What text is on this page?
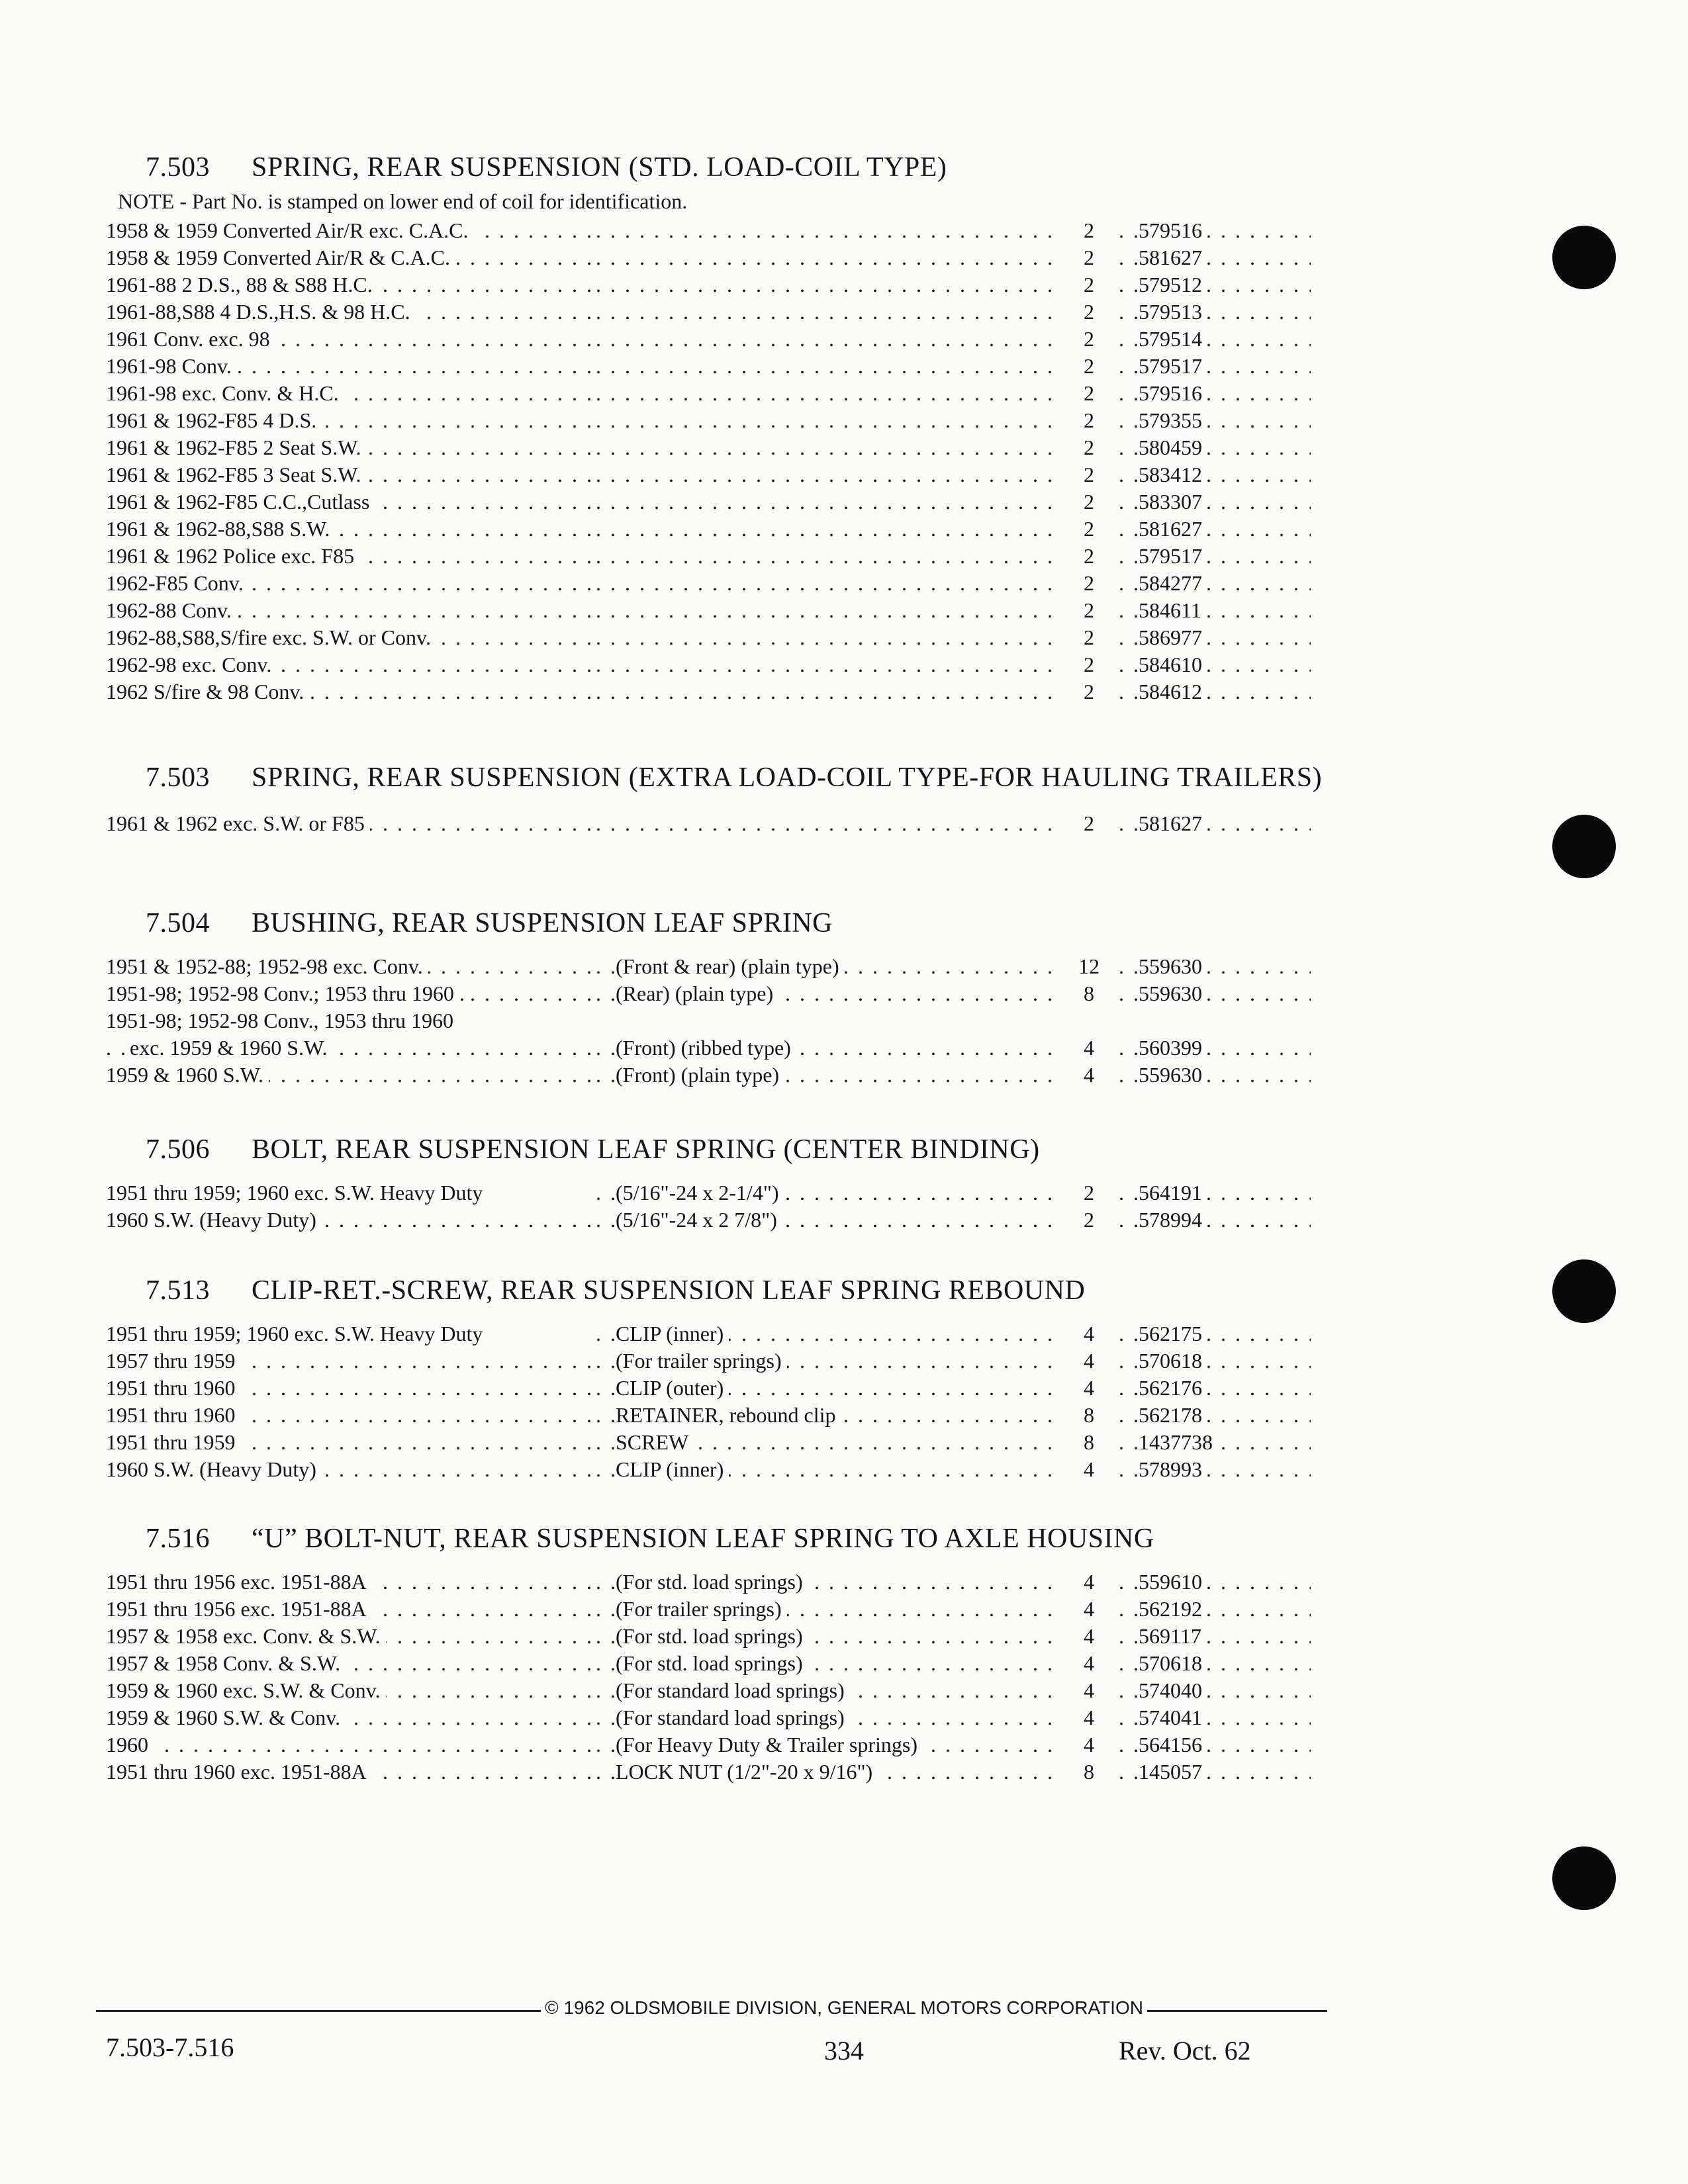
7.503	SPRING, REAR SUSPENSION (STD. LOAD-COIL TYPE)
NOTE - Part No. is stamped on lower end of coil for identification.
1958 & 1959 Converted Air/R exc. C.A.C. . . . . . .	2	579516 . . .
1958 & 1959 Converted Air/R & C.A.C. . . . . . .	2	581627 . . .
1961-88 2 D.S., 88 & S88 H.C. . . . . . .	2	579512 . . .
1961-88,S88 4 D.S.,H.S. & 98 H.C. . . . . . .	2	579513 . . .
1961 Conv. exc. 98 . . . . . .	2	579514 . . .
1961-98 Conv. . . . . . .	2	579517 . . .
1961-98 exc. Conv. & H.C. . . . . . .	2	579516 . . .
1961 & 1962-F85 4 D.S. . . . . . .	2	579355 . . .
1961 & 1962-F85 2 Seat S.W. . . . . . .	2	580459 . . .
1961 & 1962-F85 3 Seat S.W. . . . . . .	2	583412 . . .
1961 & 1962-F85 C.C.,Cutlass . . . . . .	2	583307 . . .
1961 & 1962-88,S88 S.W. . . . . . .	2	581627 . . .
1961 & 1962 Police exc. F85 . . . . . .	2	579517 . . .
1962-F85 Conv. . . . . . .	2	584277 . . .
1962-88 Conv. . . . . . .	2	584611 . . .
1962-88,S88,S/fire exc. S.W. or Conv. . . . . . .	2	586977 . . .
1962-98 exc. Conv. . . . . . .	2	584610 . . .
1962 S/fire & 98 Conv. . . . . . .	2	584612 . . .
7.503	SPRING, REAR SUSPENSION (EXTRA LOAD-COIL TYPE-FOR HAULING TRAILERS)
1961 & 1962 exc. S.W. or F85 . . . . . .	2	581627 . . .
7.504	BUSHING, REAR SUSPENSION LEAF SPRING
1951 & 1952-88; 1952-98 exc. Conv. . . .	(Front & rear) (plain type) . . .	12	559630 . . .
1951-98; 1952-98 Conv.; 1953 thru 1960 . . . .	(Rear) (plain type) . . .	8	559630 . . .
1951-98; 1952-98 Conv., 1953 thru 1960
exc. 1959 & 1960 S.W. . . .	(Front) (ribbed type) . . .	4	560399 . . .
1959 & 1960 S.W. . . .	(Front) (plain type) . . .	4	559630 . . .
7.506	BOLT, REAR SUSPENSION LEAF SPRING (CENTER BINDING)
1951 thru 1959; 1960 exc. S.W. Heavy Duty	(5/16"-24 x 2-1/4") . . .	2	564191 . . .
1960 S.W. (Heavy Duty) . . .	(5/16"-24 x 2 7/8") . . .	2	578994 . . .
7.513	CLIP-RET.-SCREW, REAR SUSPENSION LEAF SPRING REBOUND
1951 thru 1959; 1960 exc. S.W. Heavy Duty	CLIP (inner) . . .	4	562175 . . .
1957 thru 1959 . . .	(For trailer springs) . . .	4	570618 . . .
1951 thru 1960 . . .	CLIP (outer) . . .	4	562176 . . .
1951 thru 1960 . . .	RETAINER, rebound clip . . .	8	562178 . . .
1951 thru 1959 . . .	SCREW . . .	8	1437738 . . .
1960 S.W. (Heavy Duty) . . .	CLIP (inner) . . .	4	578993 . . .
7.516	“U” BOLT-NUT, REAR SUSPENSION LEAF SPRING TO AXLE HOUSING
1951 thru 1956 exc. 1951-88A . . .	(For std. load springs) . . .	4	559610 . . .
1951 thru 1956 exc. 1951-88A . . .	(For trailer springs) . . .	4	562192 . . .
1957 & 1958 exc. Conv. & S.W. . . .	(For std. load springs) . . .	4	569117 . . .
1957 & 1958 Conv. & S.W. . . .	(For std. load springs) . . .	4	570618 . . .
1959 & 1960 exc. S.W. & Conv. . . .	(For standard load springs) . . .	4	574040 . . .
1959 & 1960 S.W. & Conv. . . .	(For standard load springs) . . .	4	574041 . . .
1960 . . .	(For Heavy Duty & Trailer springs) . . .	4	564156 . . .
1951 thru 1960 exc. 1951-88A . . .	LOCK NUT (1/2"-20 x 9/16") . . .	8	145057 . . .
© 1962 OLDSMOBILE DIVISION, GENERAL MOTORS CORPORATION
7.503-7.516	334	Rev. Oct. 62
